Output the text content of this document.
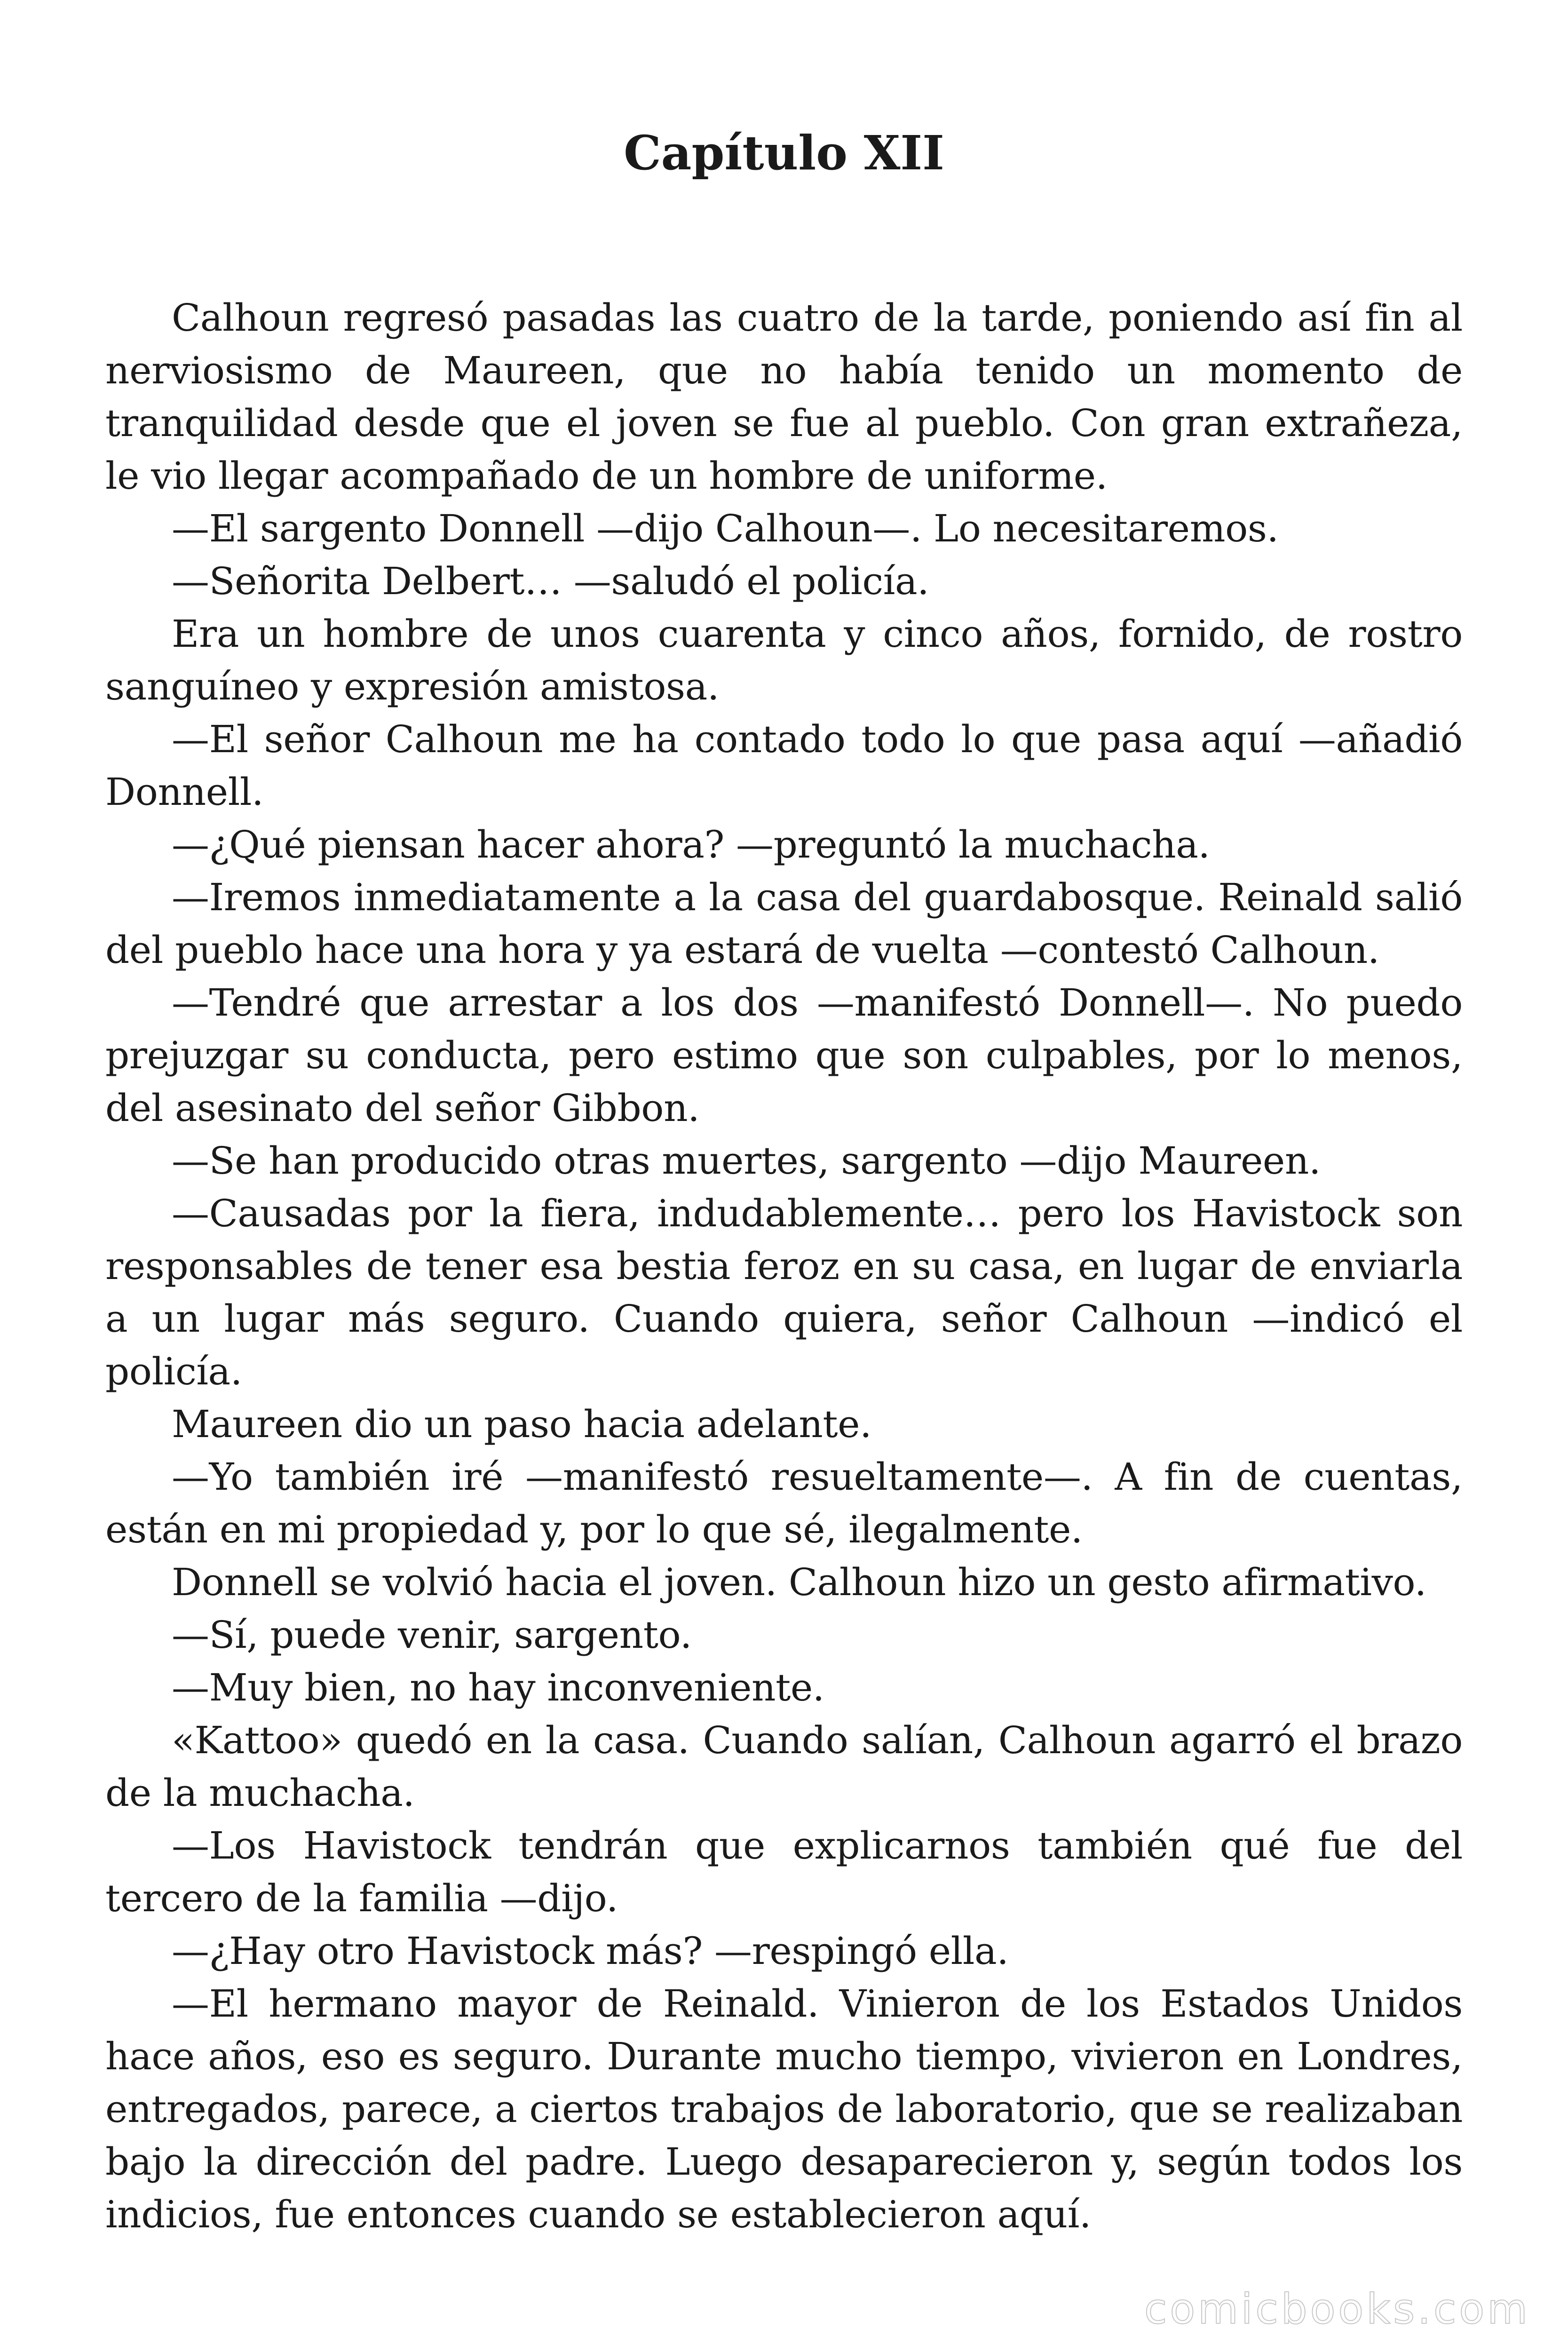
Capítulo XII

Calhoun regresó pasadas las cuatro de la tarde, poniendo así fin al nerviosismo de Maureen, que no había tenido un momento de tranquilidad desde que el joven se fue al pueblo. Con gran extrañeza, le vio llegar acompañado de un hombre de uniforme.

—El sargento Donnell —dijo Calhoun—. Lo necesitaremos.

—Señorita Delbert… —saludó el policía.

Era un hombre de unos cuarenta y cinco años, fornido, de rostro sanguíneo y expresión amistosa.

—El señor Calhoun me ha contado todo lo que pasa aquí —añadió Donnell.

—¿Qué piensan hacer ahora? —preguntó la muchacha.

—Iremos inmediatamente a la casa del guardabosque. Reinald salió del pueblo hace una hora y ya estará de vuelta —contestó Calhoun.

—Tendré que arrestar a los dos —manifestó Donnell—. No puedo prejuzgar su conducta, pero estimo que son culpables, por lo menos, del asesinato del señor Gibbon.

—Se han producido otras muertes, sargento —dijo Maureen.

—Causadas por la fiera, indudablemente… pero los Havistock son responsables de tener esa bestia feroz en su casa, en lugar de enviarla a un lugar más seguro. Cuando quiera, señor Calhoun —indicó el policía.

Maureen dio un paso hacia adelante.

—Yo también iré —manifestó resueltamente—. A fin de cuentas, están en mi propiedad y, por lo que sé, ilegalmente.

Donnell se volvió hacia el joven. Calhoun hizo un gesto afirmativo.

—Sí, puede venir, sargento.

—Muy bien, no hay inconveniente.

«Kattoo» quedó en la casa. Cuando salían, Calhoun agarró el brazo de la muchacha.

—Los Havistock tendrán que explicarnos también qué fue del tercero de la familia —dijo.

—¿Hay otro Havistock más? —respingó ella.

—El hermano mayor de Reinald. Vinieron de los Estados Unidos hace años, eso es seguro. Durante mucho tiempo, vivieron en Londres, entregados, parece, a ciertos trabajos de laboratorio, que se realizaban bajo la dirección del padre. Luego desaparecieron y, según todos los indicios, fue entonces cuando se establecieron aquí.

comicbooks.com
